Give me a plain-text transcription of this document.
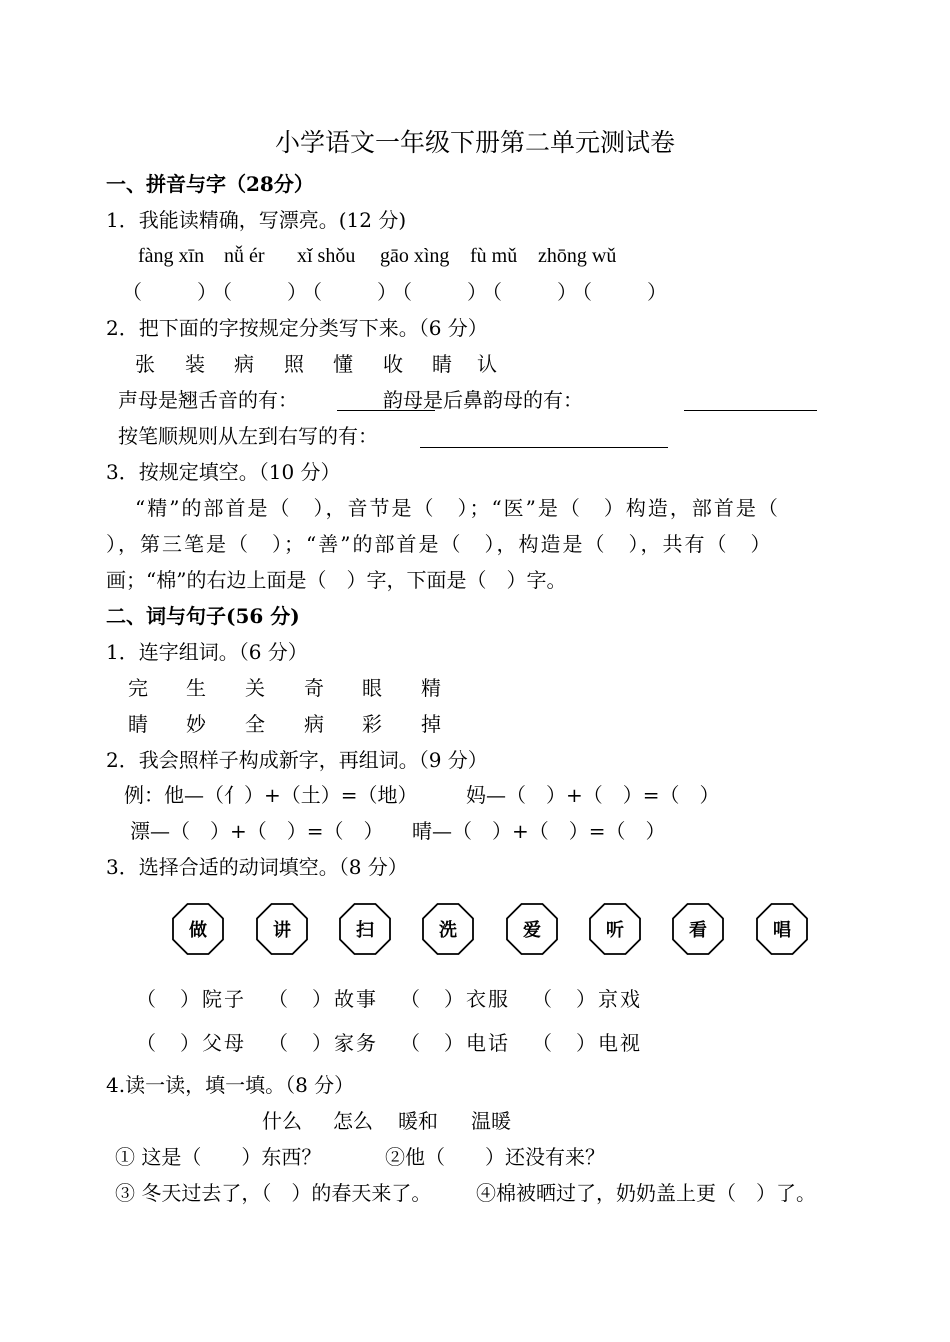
小学语文一年级下册第二单元测试卷
一、拼音与字（28分）
1．我能读精确，写漂亮。(12 分)
fàng xīn nǚ ér xǐ shǒu gāo xìng fù mǔ zhōng wǔ
（　　）（　　）（　　）（　　）（　　）（　　）
2．把下面的字按规定分类写下来。（6 分）
张 装 病 照 懂 收 睛 认
声母是翘舌音的有：	韵母是后鼻韵母的有：
按笔顺规则从左到右写的有：
3．按规定填空。（10 分）
“精”的部首是（　），音节是（　）；“医”是（　）构造，部首是（
），第三笔是（　）；“善”的部首是（　），构造是（　），共有（　）
画；“棉”的右边上面是（　）字，下面是（　）字。
二、词与句子(56 分)
1．连字组词。（6 分）
完 生 关 奇 眼 精
睛 妙 全 病 彩 掉
2．我会照样子构成新字，再组词。（9 分）
例：他—（亻）+（土）=（地） 妈—（　）+（　）=（　）
漂—（　）+（　）=（　） 晴—（　）+（　）=（　）
3．选择合适的动词填空。（8 分）
做	讲	扫	洗	爱	听	看	唱
（　）院子 （　）故事 （　）衣服 （　）京戏
（　）父母 （　）家务 （　）电话 （　）电视
4.读一读，填一填。（8 分）
什么 怎么 暖和 温暖
① 这是（　　）东西？	②他（　　）还没有来？
③ 冬天过去了，（　）的春天来了。 ④棉被晒过了，奶奶盖上更（　）了。
